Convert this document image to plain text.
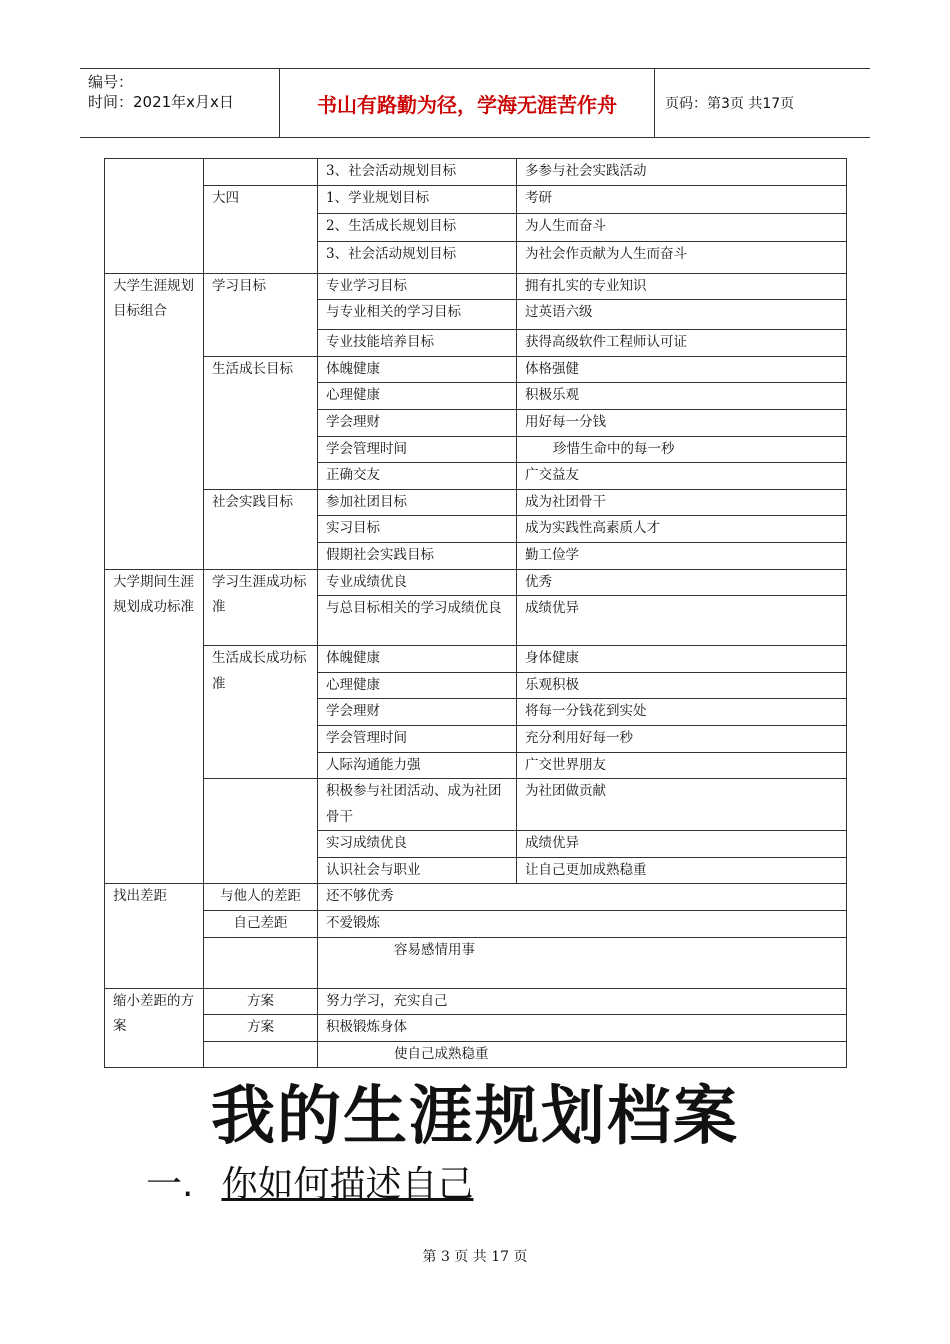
编号：
时间：2021年x月x日	书山有路勤为径，学海无涯苦作舟	页码：第3页 共17页
		3、社会活动规划目标	多参与社会实践活动
	大四	1、学业规划目标	考研
		2、生活成长规划目标	为人生而奋斗
		3、社会活动规划目标	为社会作贡献为人生而奋斗
大学生涯规划目标组合	学习目标	专业学习目标	拥有扎实的专业知识
		与专业相关的学习目标	过英语六级
		专业技能培养目标	获得高级软件工程师认可证
	生活成长目标	体魄健康	体格强健
		心理健康	积极乐观
		学会理财	用好每一分钱
		学会管理时间	珍惜生命中的每一秒
		正确交友	广交益友
	社会实践目标	参加社团目标	成为社团骨干
		实习目标	成为实践性高素质人才
		假期社会实践目标	勤工俭学
大学期间生涯规划成功标准	学习生涯成功标准	专业成绩优良	优秀
		与总目标相关的学习成绩优良	成绩优异
	生活成长成功标准	体魄健康	身体健康
		心理健康	乐观积极
		学会理财	将每一分钱花到实处
		学会管理时间	充分利用好每一秒
		人际沟通能力强	广交世界朋友
		积极参与社团活动、成为社团骨干	为社团做贡献
		实习成绩优良	成绩优异
		认识社会与职业	让自己更加成熟稳重
找出差距	与他人的差距	还不够优秀	
	自己差距	不爱锻炼	
		容易感情用事	
缩小差距的方案	方案	努力学习，充实自己	
	方案	积极锻炼身体	
		使自己成熟稳重	
我的生涯规划档案
一. 你如何描述自己
第 3 页 共 17 页
